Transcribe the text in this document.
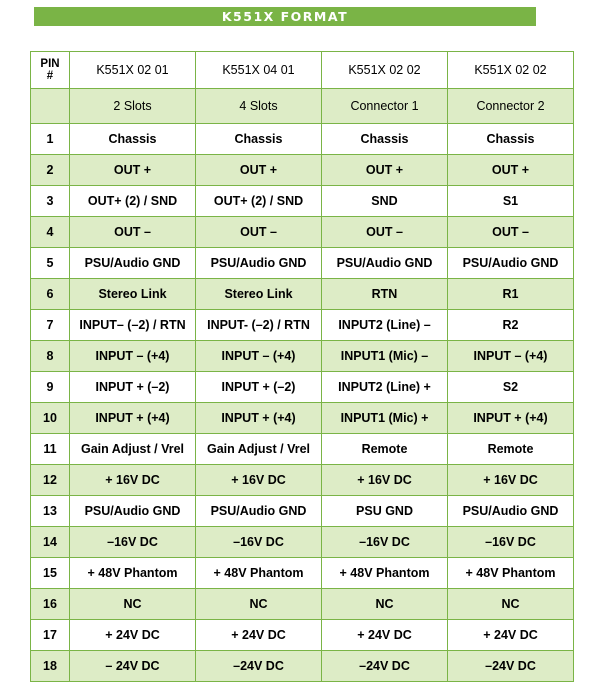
K551X FORMAT
PIN #	K551X 02 01	K551X 04 01	K551X 02 02	K551X 02 02
	2 Slots	4 Slots	Connector 1	Connector 2
1	Chassis	Chassis	Chassis	Chassis
2	OUT +	OUT +	OUT +	OUT +
3	OUT+ (2) / SND	OUT+ (2) / SND	SND	S1
4	OUT –	OUT –	OUT –	OUT –
5	PSU/Audio GND	PSU/Audio GND	PSU/Audio GND	PSU/Audio GND
6	Stereo Link	Stereo Link	RTN	R1
7	INPUT– (–2) / RTN	INPUT- (–2) / RTN	INPUT2 (Line) –	R2
8	INPUT – (+4)	INPUT – (+4)	INPUT1 (Mic) –	INPUT – (+4)
9	INPUT + (–2)	INPUT + (–2)	INPUT2 (Line) +	S2
10	INPUT + (+4)	INPUT + (+4)	INPUT1 (Mic) +	INPUT + (+4)
11	Gain Adjust / Vrel	Gain Adjust / Vrel	Remote	Remote
12	+ 16V DC	+ 16V DC	+ 16V DC	+ 16V DC
13	PSU/Audio GND	PSU/Audio GND	PSU GND	PSU/Audio GND
14	–16V DC	–16V DC	–16V DC	–16V DC
15	+ 48V Phantom	+ 48V Phantom	+ 48V Phantom	+ 48V Phantom
16	NC	NC	NC	NC
17	+ 24V DC	+ 24V DC	+ 24V DC	+ 24V DC
18	– 24V DC	–24V DC	–24V DC	–24V DC
